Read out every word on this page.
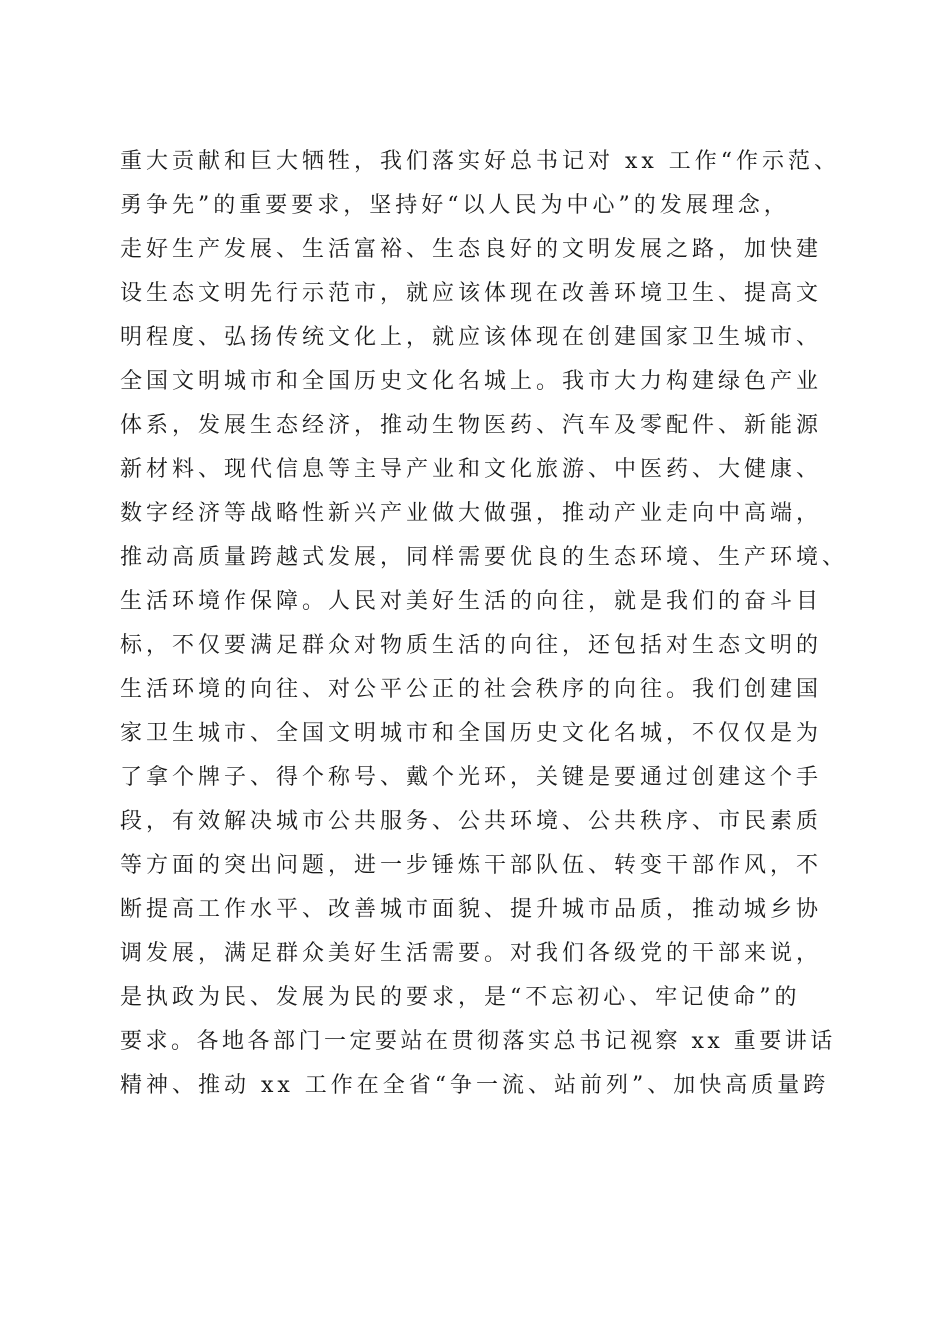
重大贡献和巨大牺牲，我们落实好总书记对 xx 工作“作示范、
勇争先”的重要要求，坚持好“以人民为中心”的发展理念，
走好生产发展、生活富裕、生态良好的文明发展之路，加快建
设生态文明先行示范市，就应该体现在改善环境卫生、提高文
明程度、弘扬传统文化上，就应该体现在创建国家卫生城市、
全国文明城市和全国历史文化名城上。我市大力构建绿色产业
体系，发展生态经济，推动生物医药、汽车及零配件、新能源
新材料、现代信息等主导产业和文化旅游、中医药、大健康、
数字经济等战略性新兴产业做大做强，推动产业走向中高端，
推动高质量跨越式发展，同样需要优良的生态环境、生产环境、
生活环境作保障。人民对美好生活的向往，就是我们的奋斗目
标，不仅要满足群众对物质生活的向往，还包括对生态文明的
生活环境的向往、对公平公正的社会秩序的向往。我们创建国
家卫生城市、全国文明城市和全国历史文化名城，不仅仅是为
了拿个牌子、得个称号、戴个光环，关键是要通过创建这个手
段，有效解决城市公共服务、公共环境、公共秩序、市民素质
等方面的突出问题，进一步锤炼干部队伍、转变干部作风，不
断提高工作水平、改善城市面貌、提升城市品质，推动城乡协
调发展，满足群众美好生活需要。对我们各级党的干部来说，
是执政为民、发展为民的要求，是“不忘初心、牢记使命”的
要求。各地各部门一定要站在贯彻落实总书记视察 xx 重要讲话
精神、推动 xx 工作在全省“争一流、站前列”、加快高质量跨
